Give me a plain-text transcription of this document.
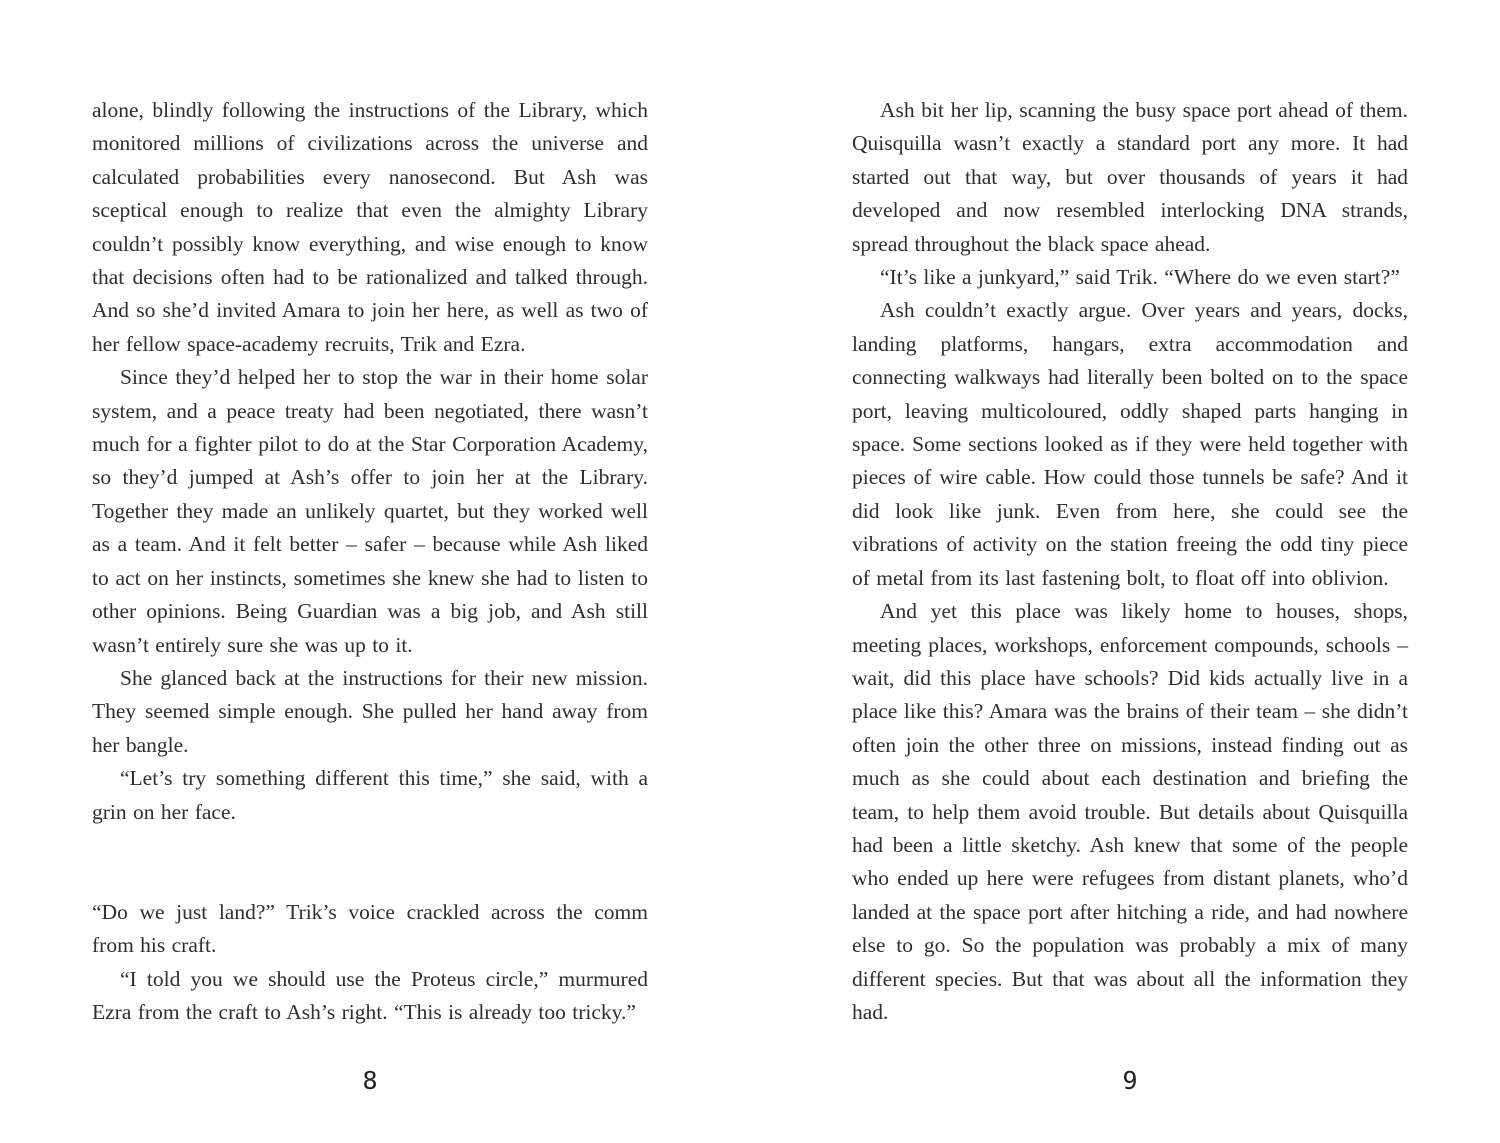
alone, blindly following the instructions of the Library, which monitored millions of civilizations across the universe and calculated probabilities every nanosecond. But Ash was sceptical enough to realize that even the almighty Library couldn’t possibly know everything, and wise enough to know that decisions often had to be rationalized and talked through. And so she’d invited Amara to join her here, as well as two of her fellow space-academy recruits, Trik and Ezra.

Since they’d helped her to stop the war in their home solar system, and a peace treaty had been negotiated, there wasn’t much for a fighter pilot to do at the Star Corporation Academy, so they’d jumped at Ash’s offer to join her at the Library. Together they made an unlikely quartet, but they worked well as a team. And it felt better – safer – because while Ash liked to act on her instincts, sometimes she knew she had to listen to other opinions. Being Guardian was a big job, and Ash still wasn’t entirely sure she was up to it.

She glanced back at the instructions for their new mission. They seemed simple enough. She pulled her hand away from her bangle.

“Let’s try something different this time,” she said, with a grin on her face.

“Do we just land?” Trik’s voice crackled across the comm from his craft.

“I told you we should use the Proteus circle,” murmured Ezra from the craft to Ash’s right. “This is already too tricky.”

8

Ash bit her lip, scanning the busy space port ahead of them. Quisquilla wasn’t exactly a standard port any more. It had started out that way, but over thousands of years it had developed and now resembled interlocking DNA strands, spread throughout the black space ahead.

“It’s like a junkyard,” said Trik. “Where do we even start?”

Ash couldn’t exactly argue. Over years and years, docks, landing platforms, hangars, extra accommodation and connecting walkways had literally been bolted on to the space port, leaving multicoloured, oddly shaped parts hanging in space. Some sections looked as if they were held together with pieces of wire cable. How could those tunnels be safe? And it did look like junk. Even from here, she could see the vibrations of activity on the station freeing the odd tiny piece of metal from its last fastening bolt, to float off into oblivion.

And yet this place was likely home to houses, shops, meeting places, workshops, enforcement compounds, schools – wait, did this place have schools? Did kids actually live in a place like this? Amara was the brains of their team – she didn’t often join the other three on missions, instead finding out as much as she could about each destination and briefing the team, to help them avoid trouble. But details about Quisquilla had been a little sketchy. Ash knew that some of the people who ended up here were refugees from distant planets, who’d landed at the space port after hitching a ride, and had nowhere else to go. So the population was probably a mix of many different species. But that was about all the information they had.

9
